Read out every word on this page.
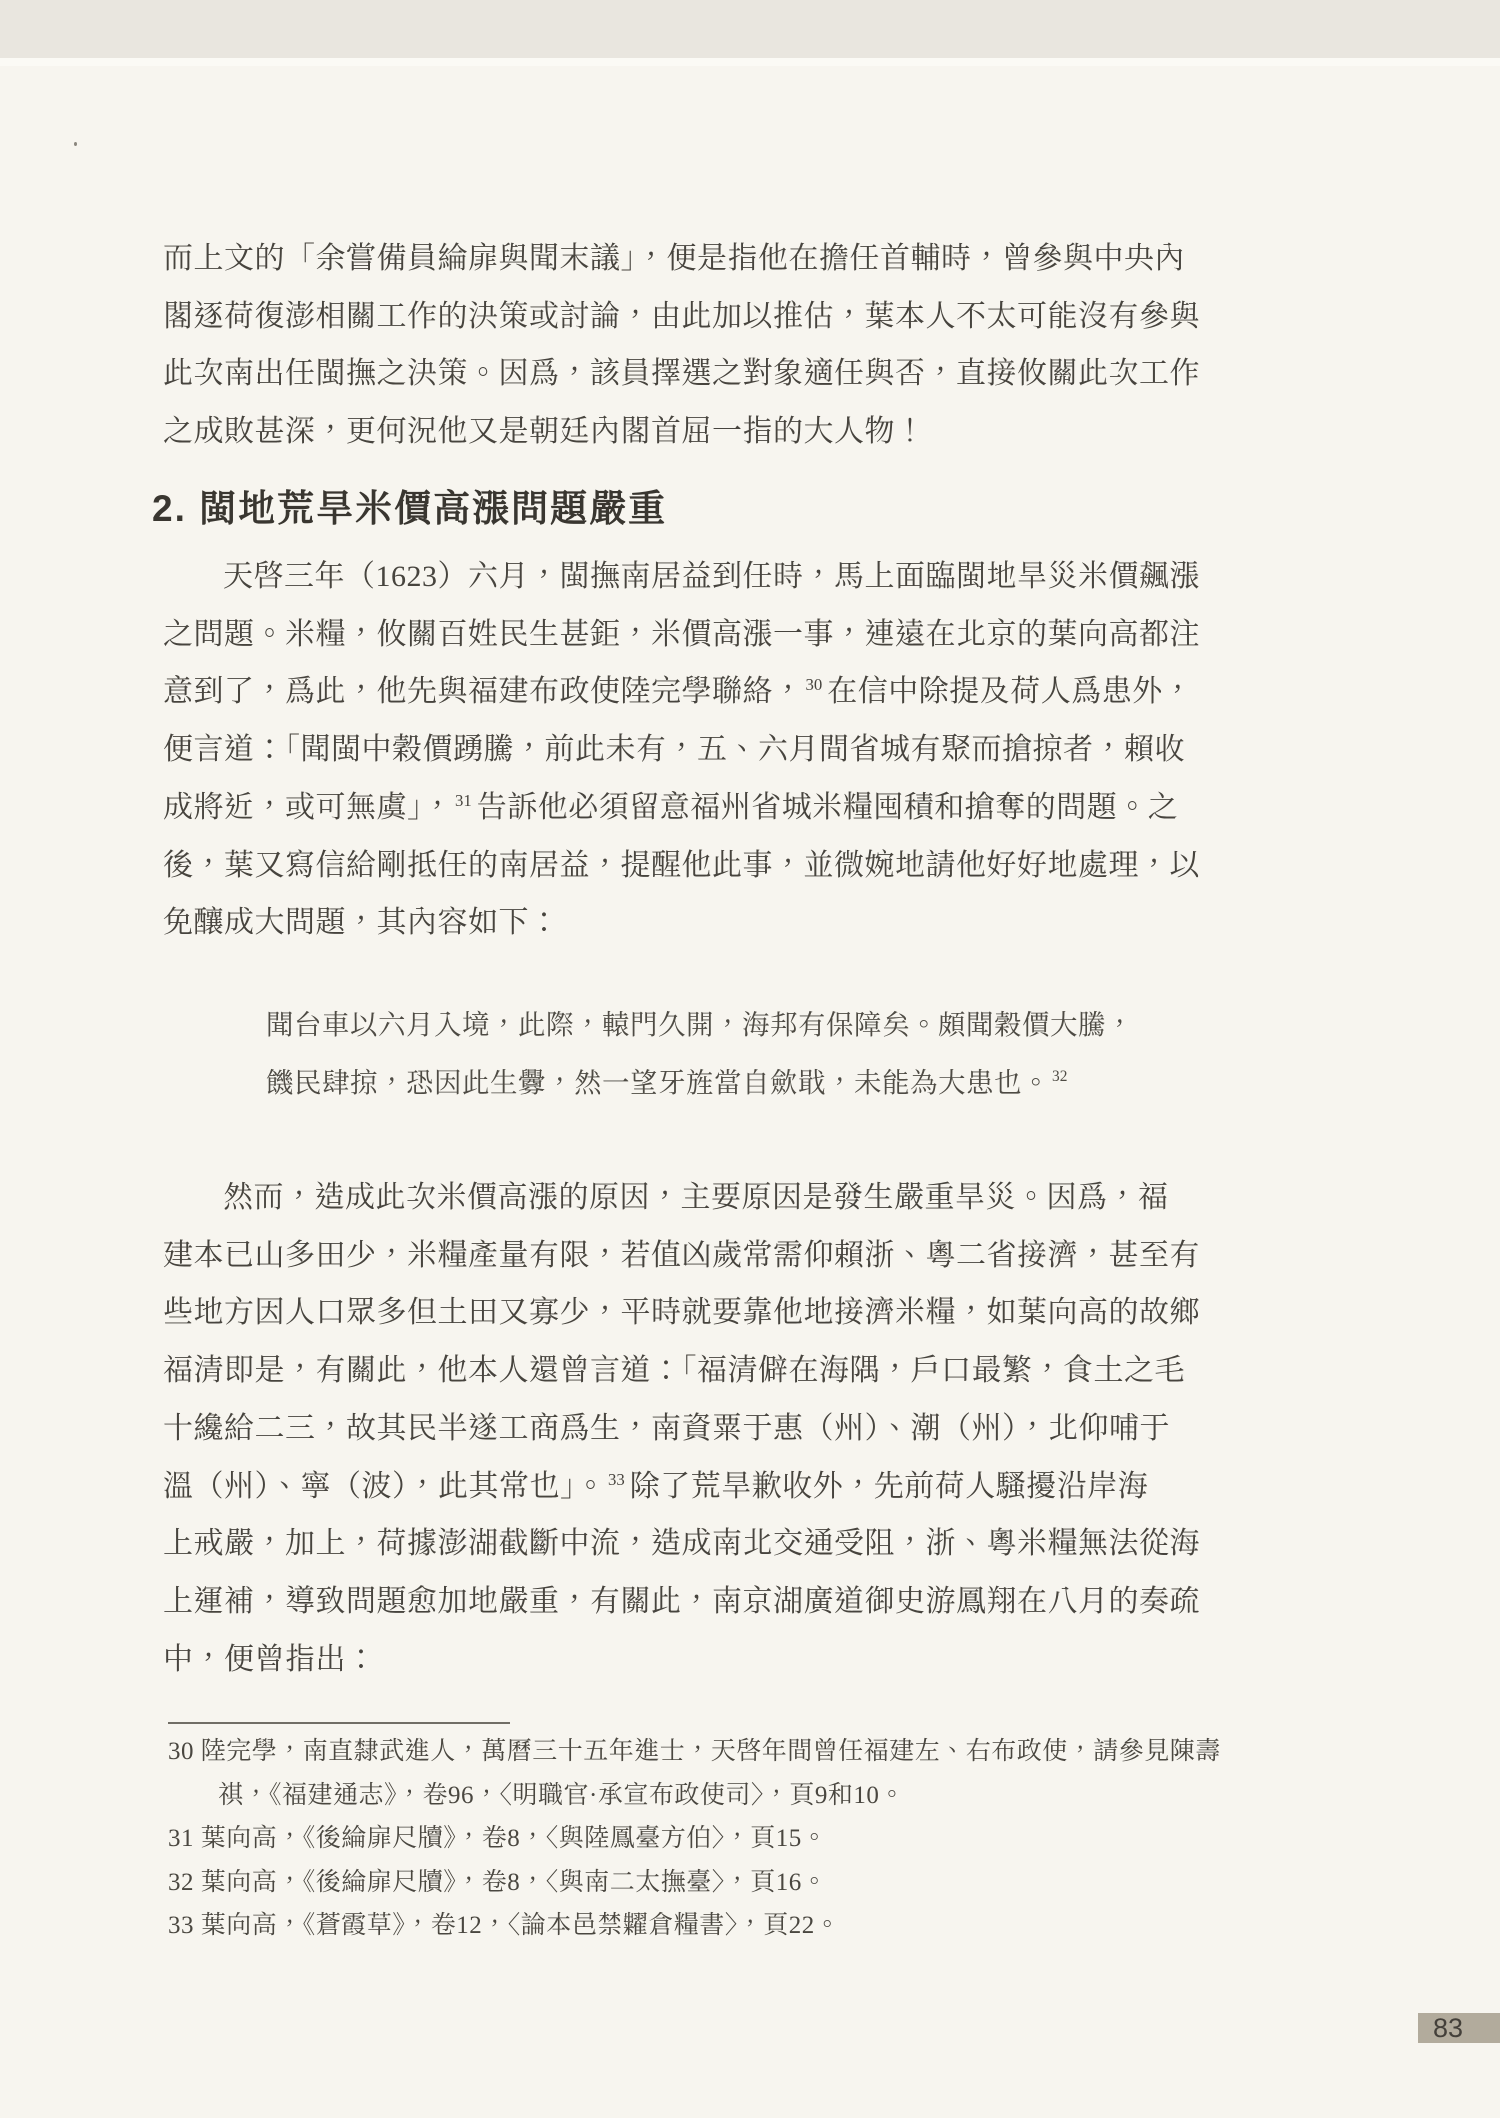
而上文的「余嘗備員綸扉與聞末議」，便是指他在擔任首輔時，曾參與中央內
閣逐荷復澎相關工作的決策或討論，由此加以推估，葉本人不太可能沒有參與
此次南出任閩撫之決策。因爲，該員擇選之對象適任與否，直接攸關此次工作
之成敗甚深，更何況他又是朝廷內閣首屈一指的大人物！
2. 閩地荒旱米價高漲問題嚴重
天啓三年（1623）六月，閩撫南居益到任時，馬上面臨閩地旱災米價飆漲
之問題。米糧，攸關百姓民生甚鉅，米價高漲一事，連遠在北京的葉向高都注
意到了，爲此，他先與福建布政使陸完學聯絡， $^{30}$ 在信中除提及荷人爲患外，
便言道：「聞閩中穀價踴騰，前此未有，五、六月間省城有聚而搶掠者，賴收
成將近，或可無虞」， $^{31}$ 告訴他必須留意福州省城米糧囤積和搶奪的問題。之
後，葉又寫信給剛抵任的南居益，提醒他此事，並微婉地請他好好地處理，以
免釀成大問題，其內容如下：
聞台車以六月入境，此際，轅門久開，海邦有保障矣。頗聞穀價大騰，
饑民肆掠，恐因此生釁，然一望牙旌當自歛戢，未能為大患也。 $^{32}$
然而，造成此次米價高漲的原因，主要原因是發生嚴重旱災。因爲，福
建本已山多田少，米糧產量有限，若值凶歲常需仰賴浙、粵二省接濟，甚至有
些地方因人口眾多但土田又寡少，平時就要靠他地接濟米糧，如葉向高的故鄉
福清即是，有關此，他本人還曾言道：「福清僻在海隅，戶口最繁，食土之毛
十纔給二三，故其民半遂工商爲生，南資粟于惠（州）、潮（州），北仰哺于
溫（州）、寧（波），此其常也」。 $^{33}$ 除了荒旱歉收外，先前荷人騷擾沿岸海
上戒嚴，加上，荷據澎湖截斷中流，造成南北交通受阻，浙、粵米糧無法從海
上運補，導致問題愈加地嚴重，有關此，南京湖廣道御史游鳳翔在八月的奏疏
中，便曾指出：
30 陸完學，南直隸武進人，萬曆三十五年進士，天啓年間曾任福建左、右布政使，請參見陳壽
祺，《福建通志》，卷96，〈明職官·承宣布政使司〉，頁9和10。
31 葉向高，《後綸扉尺牘》，卷8，〈與陸鳳臺方伯〉，頁15。
32 葉向高，《後綸扉尺牘》，卷8，〈與南二太撫臺〉，頁16。
33 葉向高，《蒼霞草》，卷12，〈論本邑禁糶倉糧書〉，頁22。
83
